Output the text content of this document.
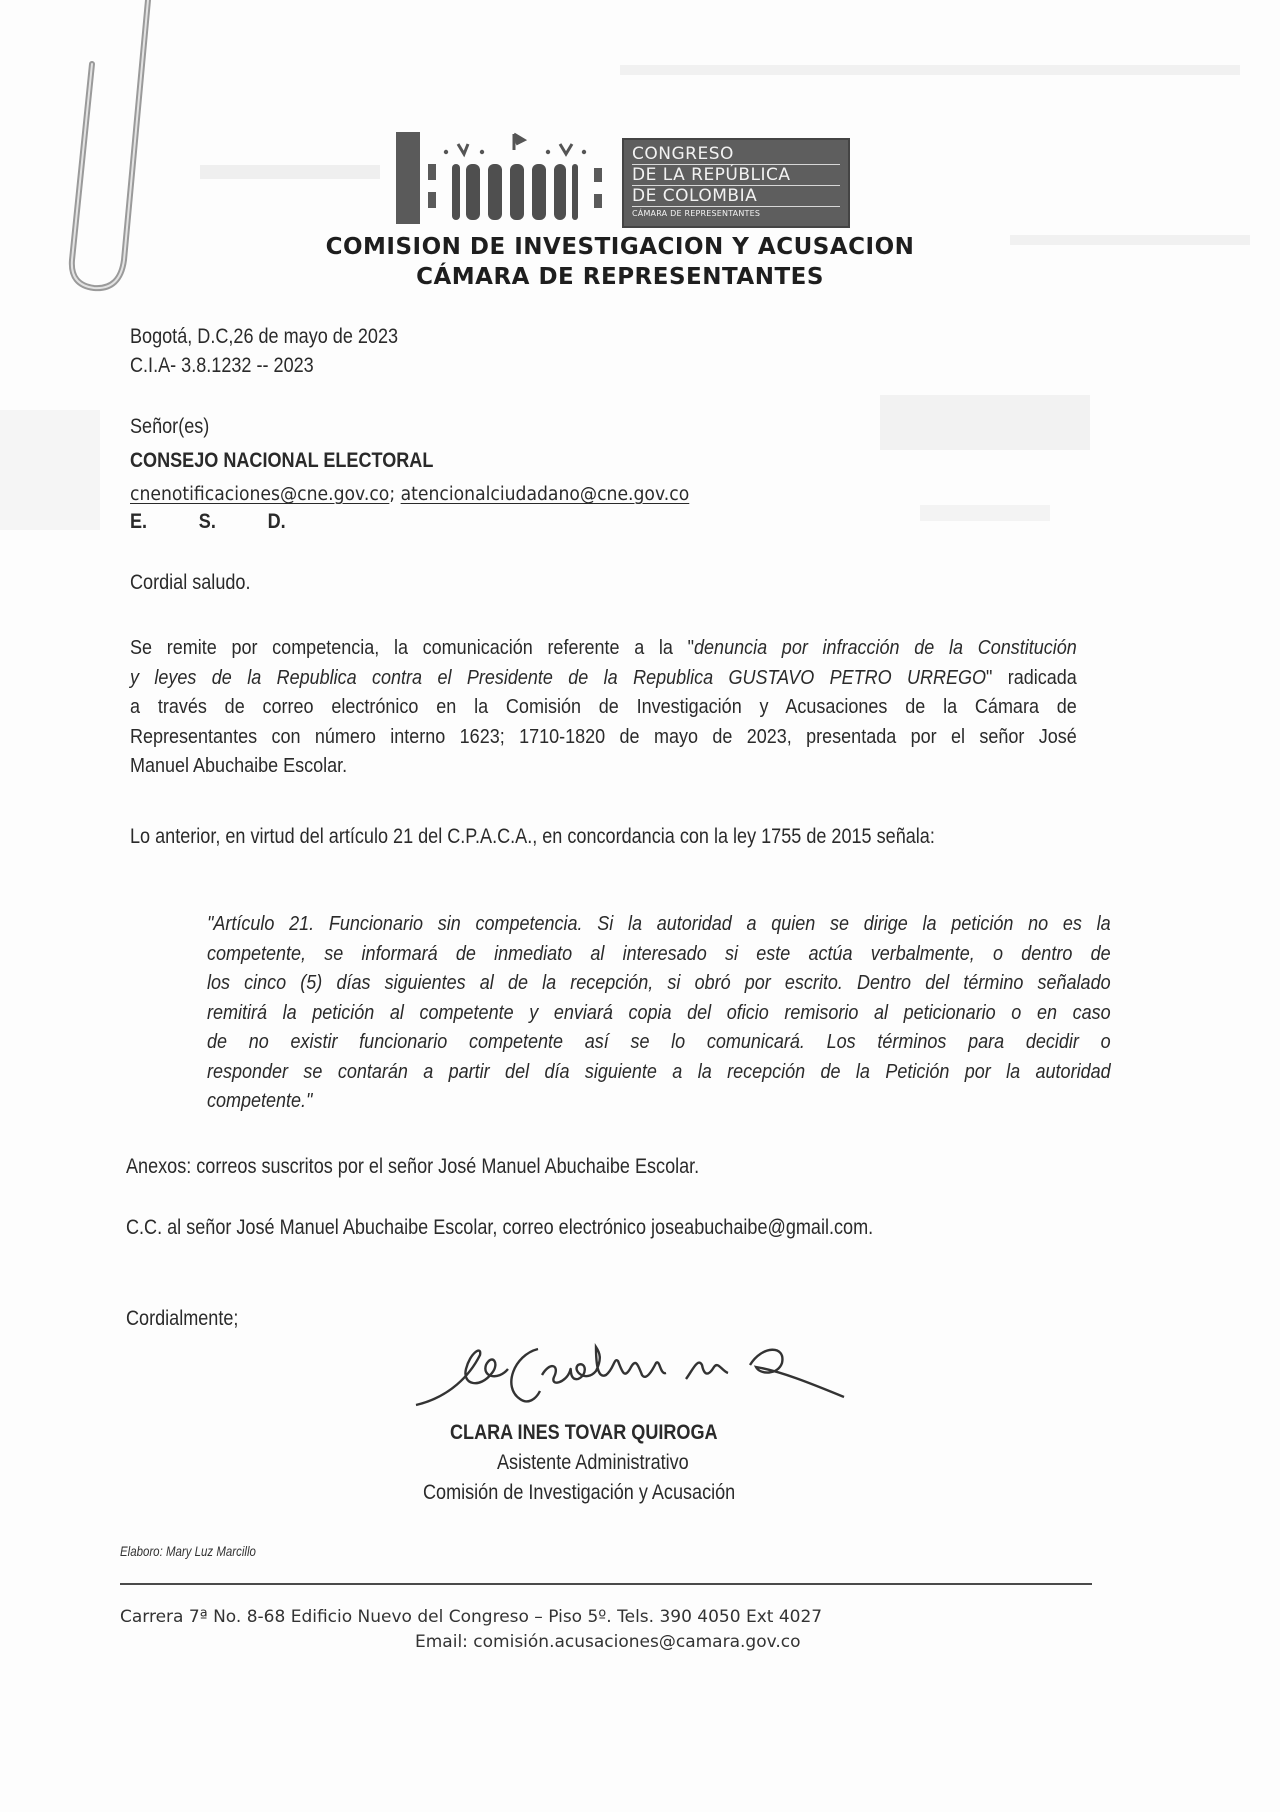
CONGRESO
DE LA REPÚBLICA
DE COLOMBIA
CÁMARA DE REPRESENTANTES
COMISION DE INVESTIGACION Y ACUSACION
CÁMARA DE REPRESENTANTES
Bogotá, D.C,26 de mayo de 2023
C.I.A- 3.8.1232 -- 2023
Señor(es)
CONSEJO NACIONAL ELECTORAL
cnenotificaciones@cne.gov.co; atencionalciudadano@cne.gov.co
E. S. D.
Cordial saludo.
Se remite por competencia, la comunicación referente a la "denuncia por infracción de la Constitución
y leyes de la Republica contra el Presidente de la Republica GUSTAVO PETRO URREGO" radicada
a través de correo electrónico en la Comisión de Investigación y Acusaciones de la Cámara de
Representantes con número interno 1623; 1710-1820 de mayo de 2023, presentada por el señor José
Manuel Abuchaibe Escolar.
Lo anterior, en virtud del artículo 21 del C.P.A.C.A., en concordancia con la ley 1755 de 2015 señala:
"Artículo 21. Funcionario sin competencia. Si la autoridad a quien se dirige la petición no es la
competente, se informará de inmediato al interesado si este actúa verbalmente, o dentro de
los cinco (5) días siguientes al de la recepción, si obró por escrito. Dentro del término señalado
remitirá la petición al competente y enviará copia del oficio remisorio al peticionario o en caso
de no existir funcionario competente así se lo comunicará. Los términos para decidir o
responder se contarán a partir del día siguiente a la recepción de la Petición por la autoridad
competente."
Anexos: correos suscritos por el señor José Manuel Abuchaibe Escolar.
C.C. al señor José Manuel Abuchaibe Escolar, correo electrónico joseabuchaibe@gmail.com.
Cordialmente;
CLARA INES TOVAR QUIROGA
Asistente Administrativo
Comisión de Investigación y Acusación
Elaboro: Mary Luz Marcillo
Carrera 7ª No. 8-68 Edificio Nuevo del Congreso – Piso 5º. Tels. 390 4050 Ext 4027
Email: comisión.acusaciones@camara.gov.co
